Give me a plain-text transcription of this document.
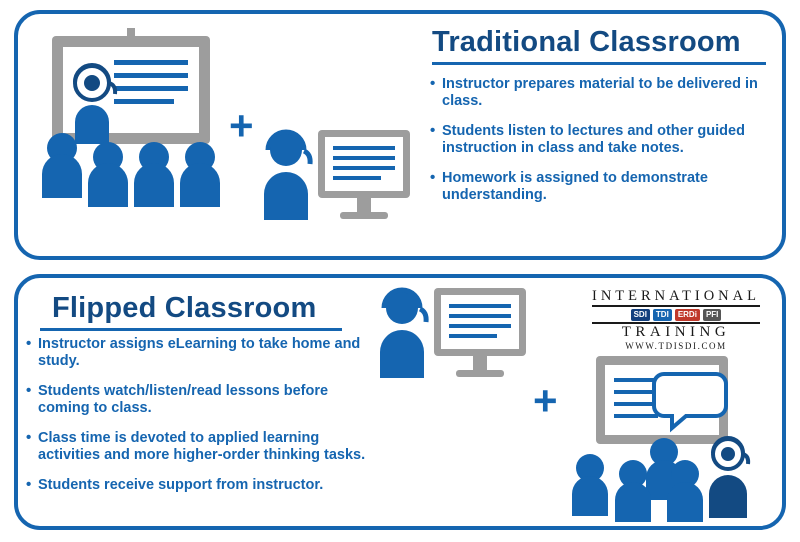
+
Traditional Classroom
• Instructor prepares material to be delivered in class.
• Students listen to lectures and other guided instruction in class and take notes.
• Homework is assigned to demonstrate understanding.
Flipped Classroom
• Instructor assigns eLearning to take home and study.
• Students watch/listen/read lessons before coming to class.
• Class time is devoted to applied learning activities and more higher-order thinking tasks.
• Students receive support from instructor.
+
INTERNATIONAL
SDI	TDI	ERDi	PFI
TRAINING
WWW.TDISDI.COM
